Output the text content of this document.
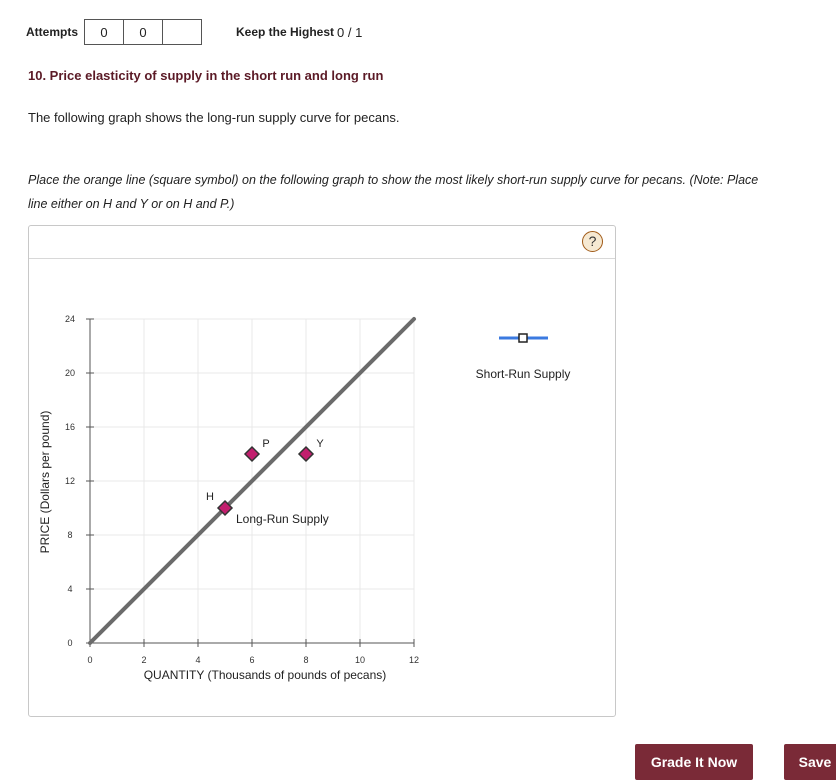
Attempts	0	0	Keep the Highest 0 / 1
10. Price elasticity of supply in the short run and long run
The following graph shows the long-run supply curve for pecans.
Place the orange line (square symbol) on the following graph to show the most likely short-run supply curve for pecans. (Note: Place
line either on H and Y or on H and P.)
?
0	2	4	6	8	10	12
0
4
8
12
16
20
24
QUANTITY (Thousands of pounds of pecans)
PRICE (Dollars per pound)	Long-Run Supply
H
P	Y
Short-Run Supply
Grade It Now	Save
